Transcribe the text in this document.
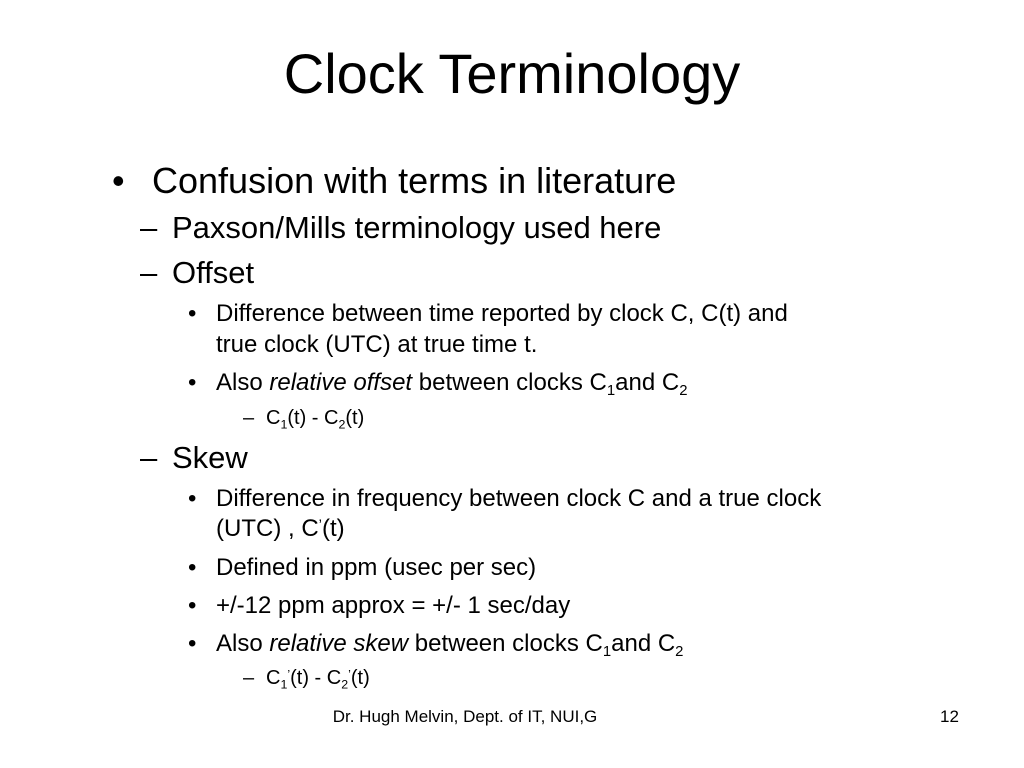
Clock Terminology
• Confusion with terms in literature
– Paxson/Mills terminology used here
– Offset
• Difference between time reported by clock C, C(t) and
true clock (UTC) at true time t.
• Also relative offset between clocks $C_1and$ $C_2$
– $C_1(t) - C_2(t)$
– Skew
• Difference in frequency between clock C and a true clock
(UTC) , C’(t)
• Defined in ppm (usec per sec)
• +/-12 ppm approx = +/- 1 sec/day
• Also relative skew between clocks $C_1and$ $C_2$
– $C_1^’(t) - C_2^’(t)$
Dr. Hugh Melvin, Dept. of IT, NUI,G	12
